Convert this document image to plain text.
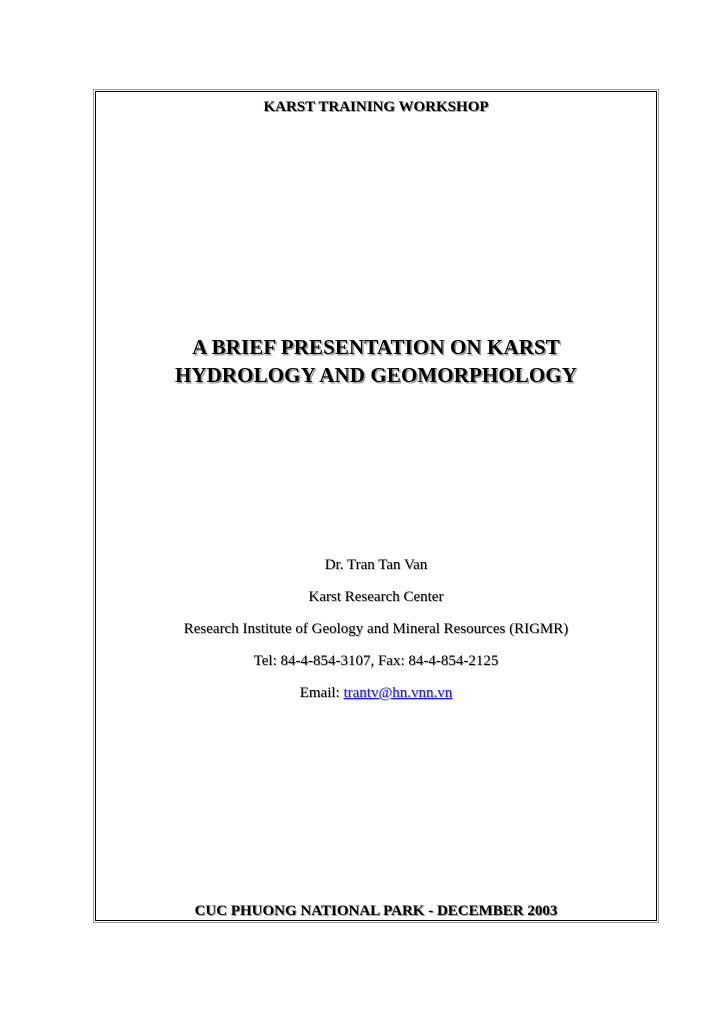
KARST TRAINING WORKSHOP
A BRIEF PRESENTATION ON KARST
HYDROLOGY AND GEOMORPHOLOGY
Dr. Tran Tan Van
Karst Research Center
Research Institute of Geology and Mineral Resources (RIGMR)
Tel: 84-4-854-3107, Fax: 84-4-854-2125
Email: trantv@hn.vnn.vn
CUC PHUONG NATIONAL PARK - DECEMBER 2003
